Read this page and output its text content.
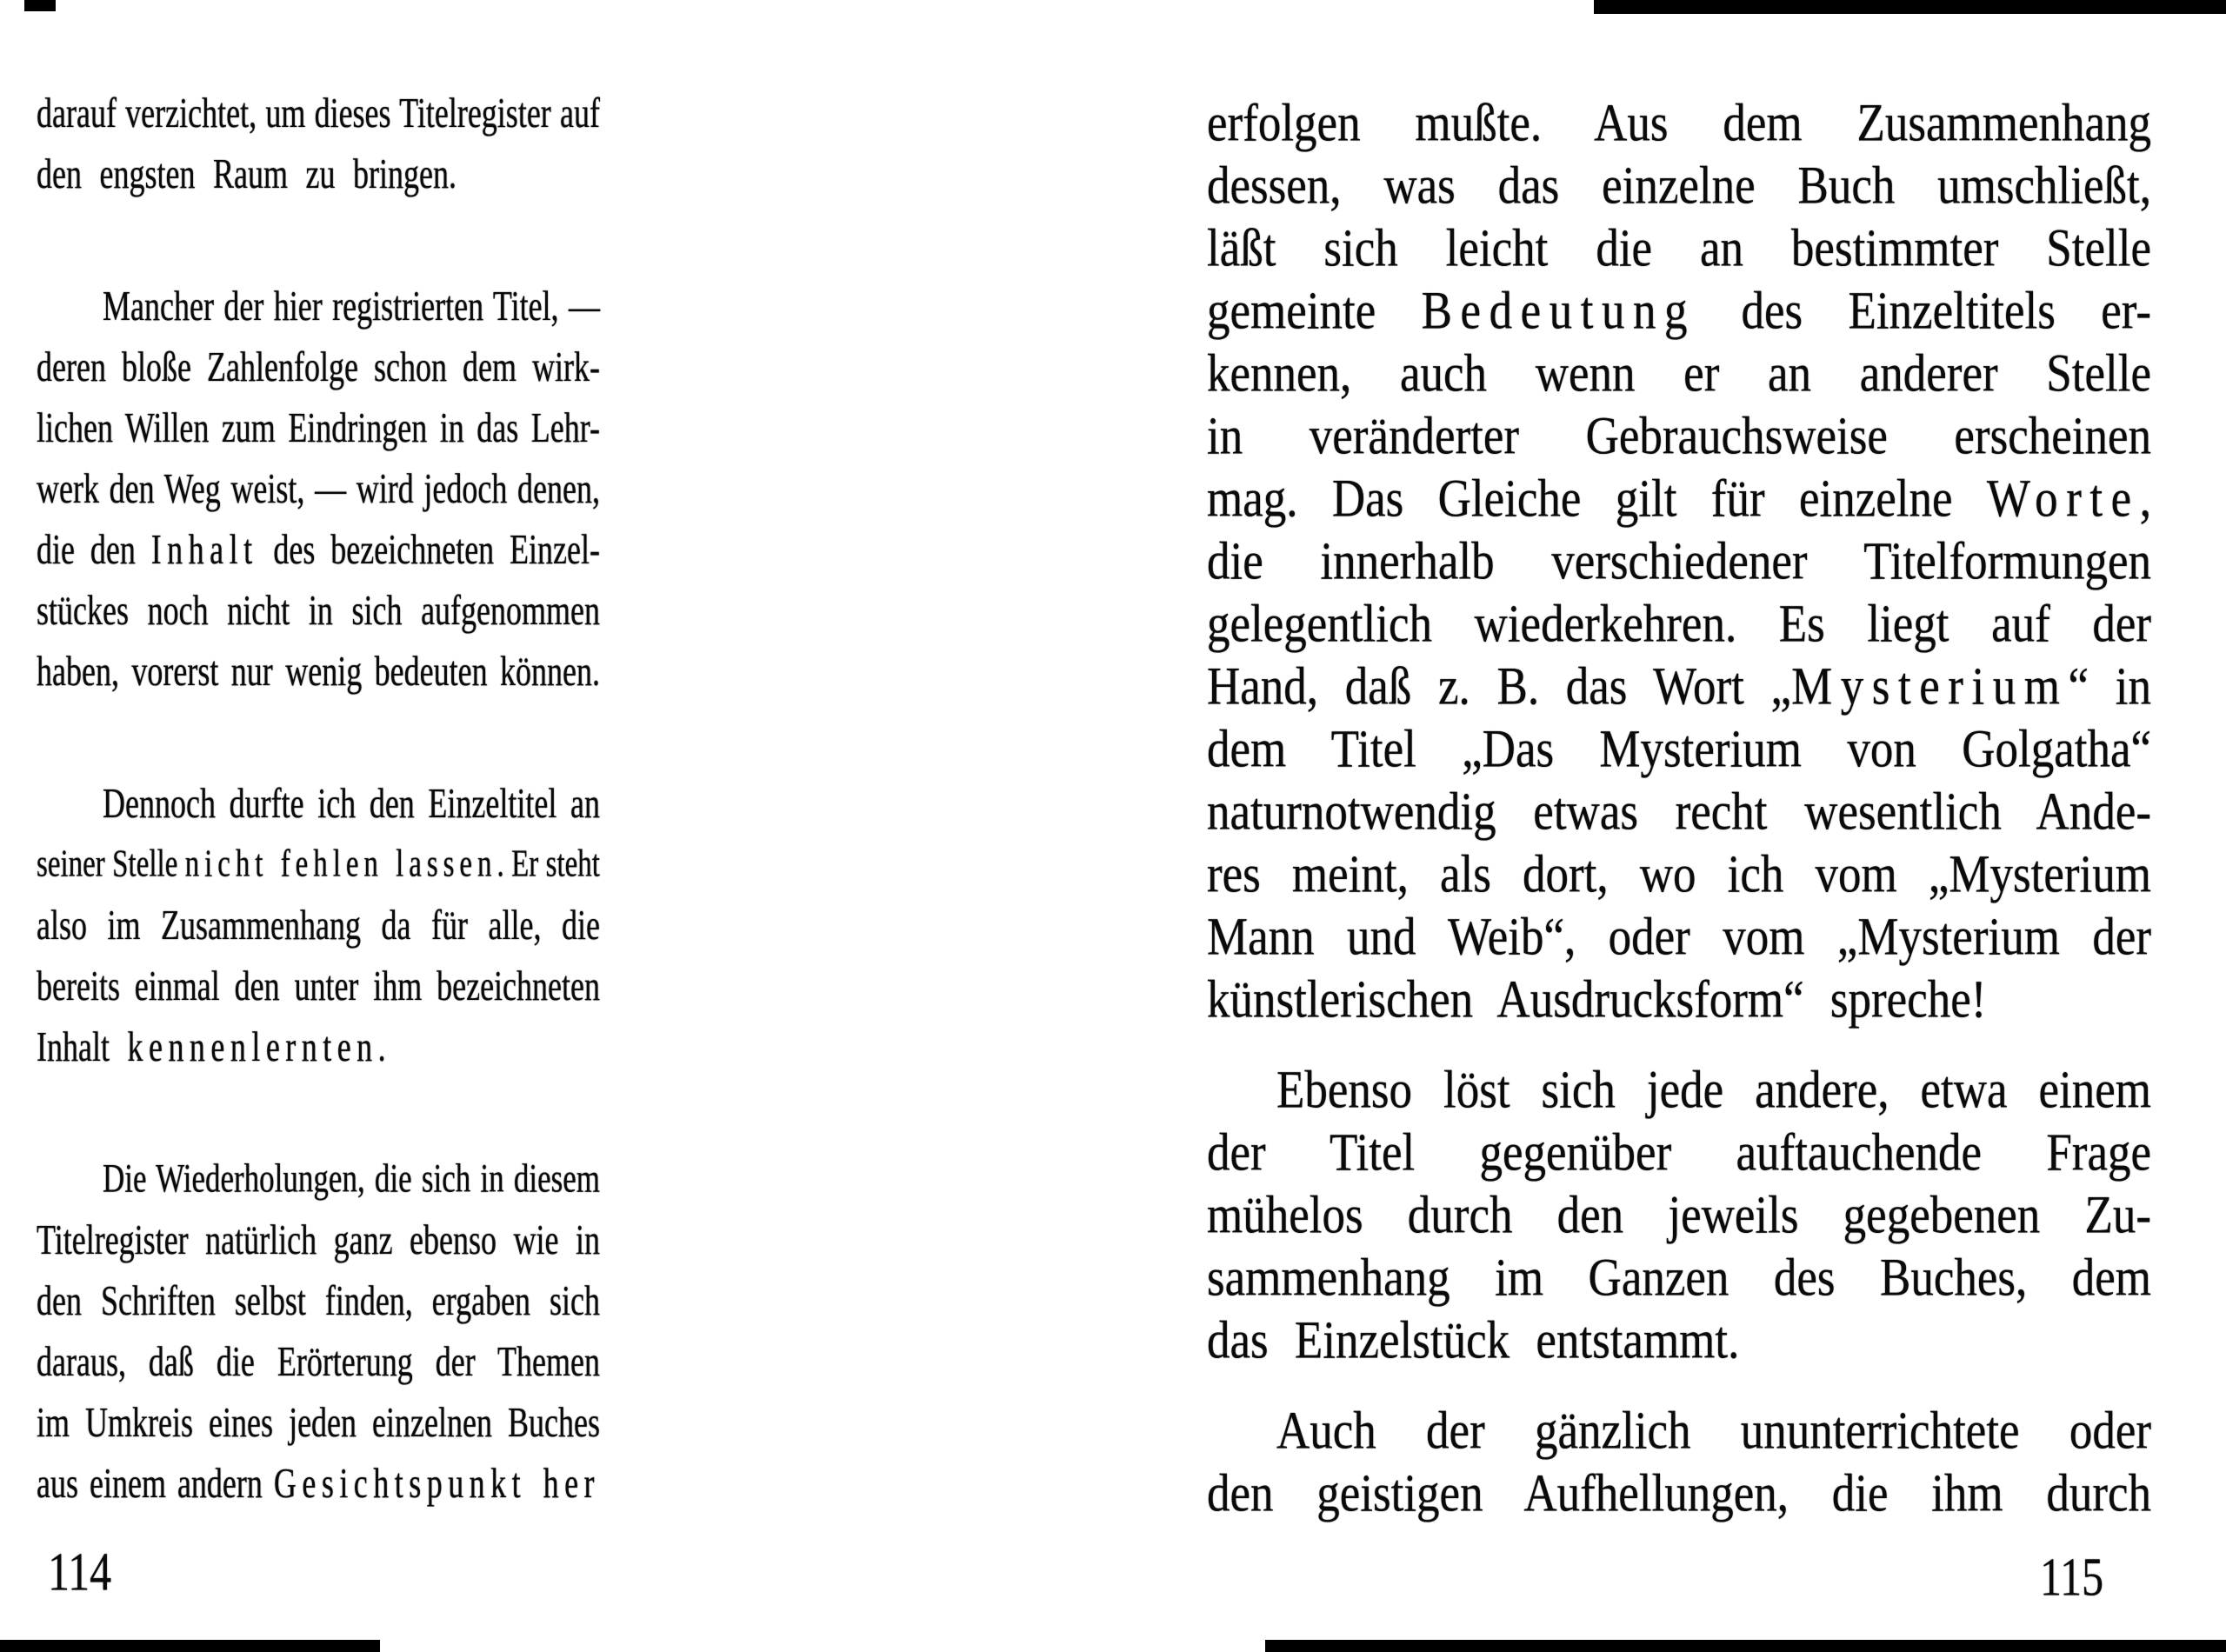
darauf verzichtet, um dieses Titelregister auf
den engsten Raum zu bringen.
Mancher der hier registrierten Titel, —
deren bloße Zahlenfolge schon dem wirk-
lichen Willen zum Eindringen in das Lehr-
werk den Weg weist, — wird jedoch denen,
die den Inhalt des bezeichneten Einzel-
stückes noch nicht in sich aufgenommen
haben, vorerst nur wenig bedeuten können.
Dennoch durfte ich den Einzeltitel an
seiner Stelle nicht fehlen lassen. Er steht
also im Zusammenhang da für alle, die
bereits einmal den unter ihm bezeichneten
Inhalt kennenlernten.
Die Wiederholungen, die sich in diesem
Titelregister natürlich ganz ebenso wie in
den Schriften selbst finden, ergaben sich
daraus, daß die Erörterung der Themen
im Umkreis eines jeden einzelnen Buches
aus einem andern Gesichtspunkt her
114
erfolgen mußte. Aus dem Zusammenhang
dessen, was das einzelne Buch umschließt,
läßt sich leicht die an bestimmter Stelle
gemeinte Bedeutung des Einzeltitels er-
kennen, auch wenn er an anderer Stelle
in veränderter Gebrauchsweise erscheinen
mag. Das Gleiche gilt für einzelne Worte,
die innerhalb verschiedener Titelformungen
gelegentlich wiederkehren. Es liegt auf der
Hand, daß z. B. das Wort „Mysterium“ in
dem Titel „Das Mysterium von Golgatha“
naturnotwendig etwas recht wesentlich Ande-
res meint, als dort, wo ich vom „Mysterium
Mann und Weib“, oder vom „Mysterium der
künstlerischen Ausdrucksform“ spreche!
Ebenso löst sich jede andere, etwa einem
der Titel gegenüber auftauchende Frage
mühelos durch den jeweils gegebenen Zu-
sammenhang im Ganzen des Buches, dem
das Einzelstück entstammt.
Auch der gänzlich ununterrichtete oder
den geistigen Aufhellungen, die ihm durch
115
